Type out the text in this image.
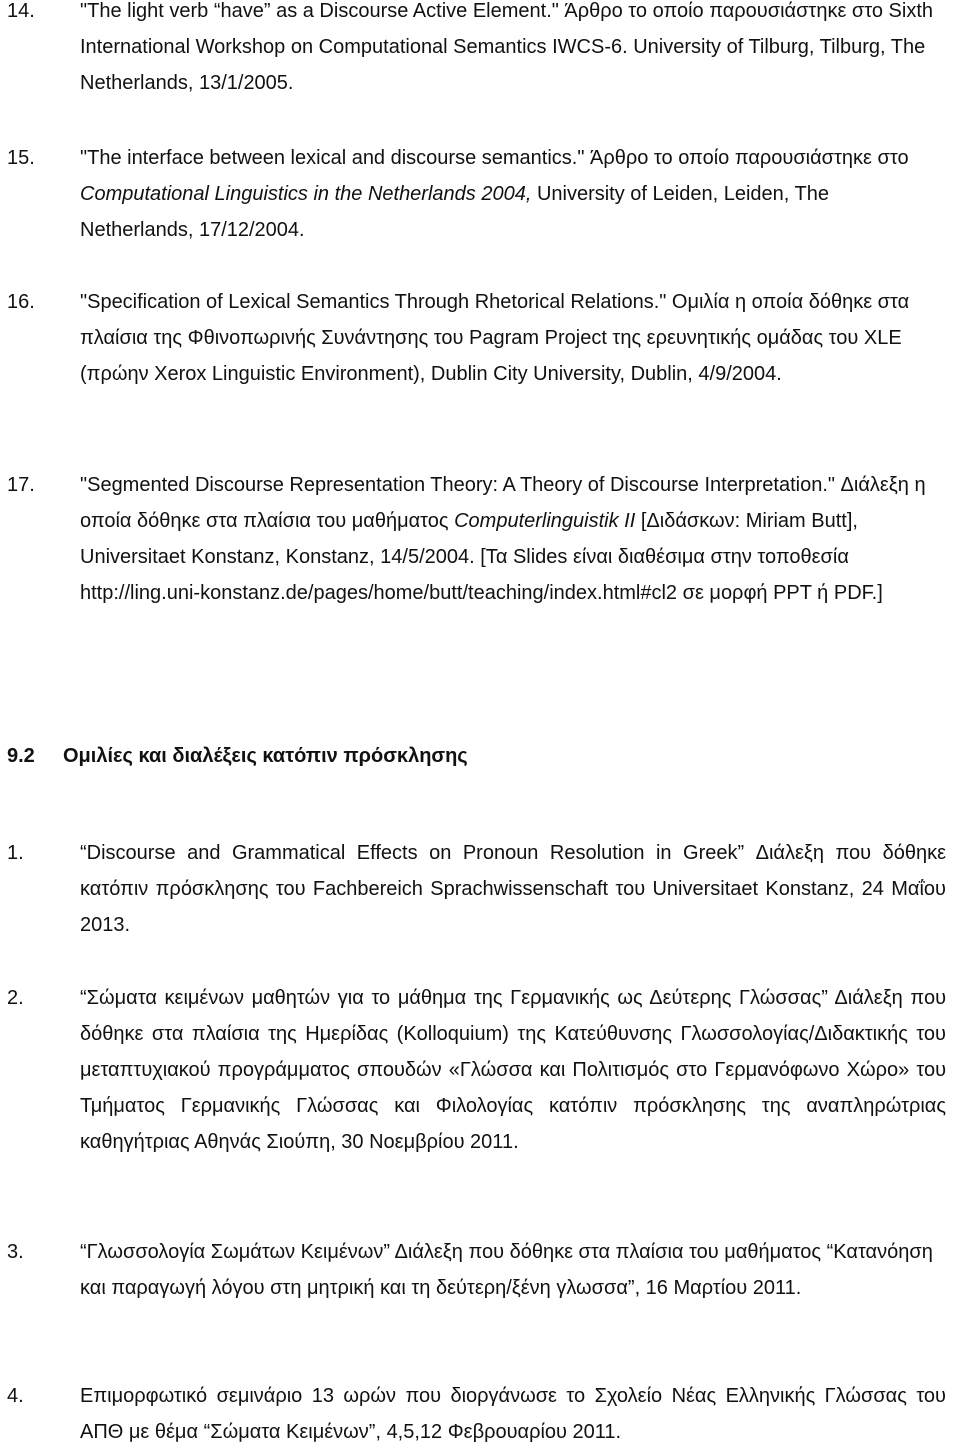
14. "The light verb “have” as a Discourse Active Element." Άρθρο το οποίο παρουσιάστηκε στο Sixth International Workshop on Computational Semantics IWCS-6. University of Tilburg, Tilburg, The Netherlands, 13/1/2005.
15. "The interface between lexical and discourse semantics." Άρθρο το οποίο παρουσιάστηκε στο Computational Linguistics in the Netherlands 2004, University of Leiden, Leiden, The Netherlands, 17/12/2004.
16. "Specification of Lexical Semantics Through Rhetorical Relations." Ομιλία η οποία δόθηκε στα πλαίσια της Φθινοπωρινής Συνάντησης του Pagram Project της ερευνητικής ομάδας του XLE (πρώην Xerox Linguistic Environment), Dublin City University, Dublin, 4/9/2004.
17. "Segmented Discourse Representation Theory: A Theory of Discourse Interpretation." Διάλεξη η οποία δόθηκε στα πλαίσια του μαθήματος Computerlinguistik II [Διδάσκων: Miriam Butt], Universitaet Konstanz, Konstanz, 14/5/2004. [Τα Slides είναι διαθέσιμα στην τοποθεσία http://ling.uni-konstanz.de/pages/home/butt/teaching/index.html#cl2 σε μορφή PPT ή PDF.]
9.2 Ομιλίες και διαλέξεις κατόπιν πρόσκλησης
1.	“Discourse and Grammatical Effects on Pronoun Resolution in Greek” Διάλεξη που δόθηκε κατόπιν πρόσκλησης του Fachbereich Sprachwissenschaft του Universitaet Konstanz, 24 Μαΐου 2013.
2.	“Σώματα κειμένων μαθητών για το μάθημα της Γερμανικής ως Δεύτερης Γλώσσας” Διάλεξη που δόθηκε στα πλαίσια της Ημερίδας (Kolloquium) της Κατεύθυνσης Γλωσσολογίας/Διδακτικής του μεταπτυχιακού προγράμματος σπουδών «Γλώσσα και Πολιτισμός στο Γερμανόφωνο Χώρο» του Τμήματος Γερμανικής Γλώσσας και Φιλολογίας κατόπιν πρόσκλησης της αναπληρώτριας καθηγήτριας Αθηνάς Σιούπη, 30 Νοεμβρίου 2011.
3.	“Γλωσσολογία Σωμάτων Κειμένων” Διάλεξη που δόθηκε στα πλαίσια του μαθήματος “Κατανόηση και παραγωγή λόγου στη μητρική και τη δεύτερη/ξένη γλωσσα”, 16 Μαρτίου 2011.
4.	Επιμορφωτικό σεμινάριο 13 ωρών που διοργάνωσε το Σχολείο Νέας Ελληνικής Γλώσσας του ΑΠΘ με θέμα “Σώματα Κειμένων”, 4,5,12 Φεβρουαρίου 2011.
